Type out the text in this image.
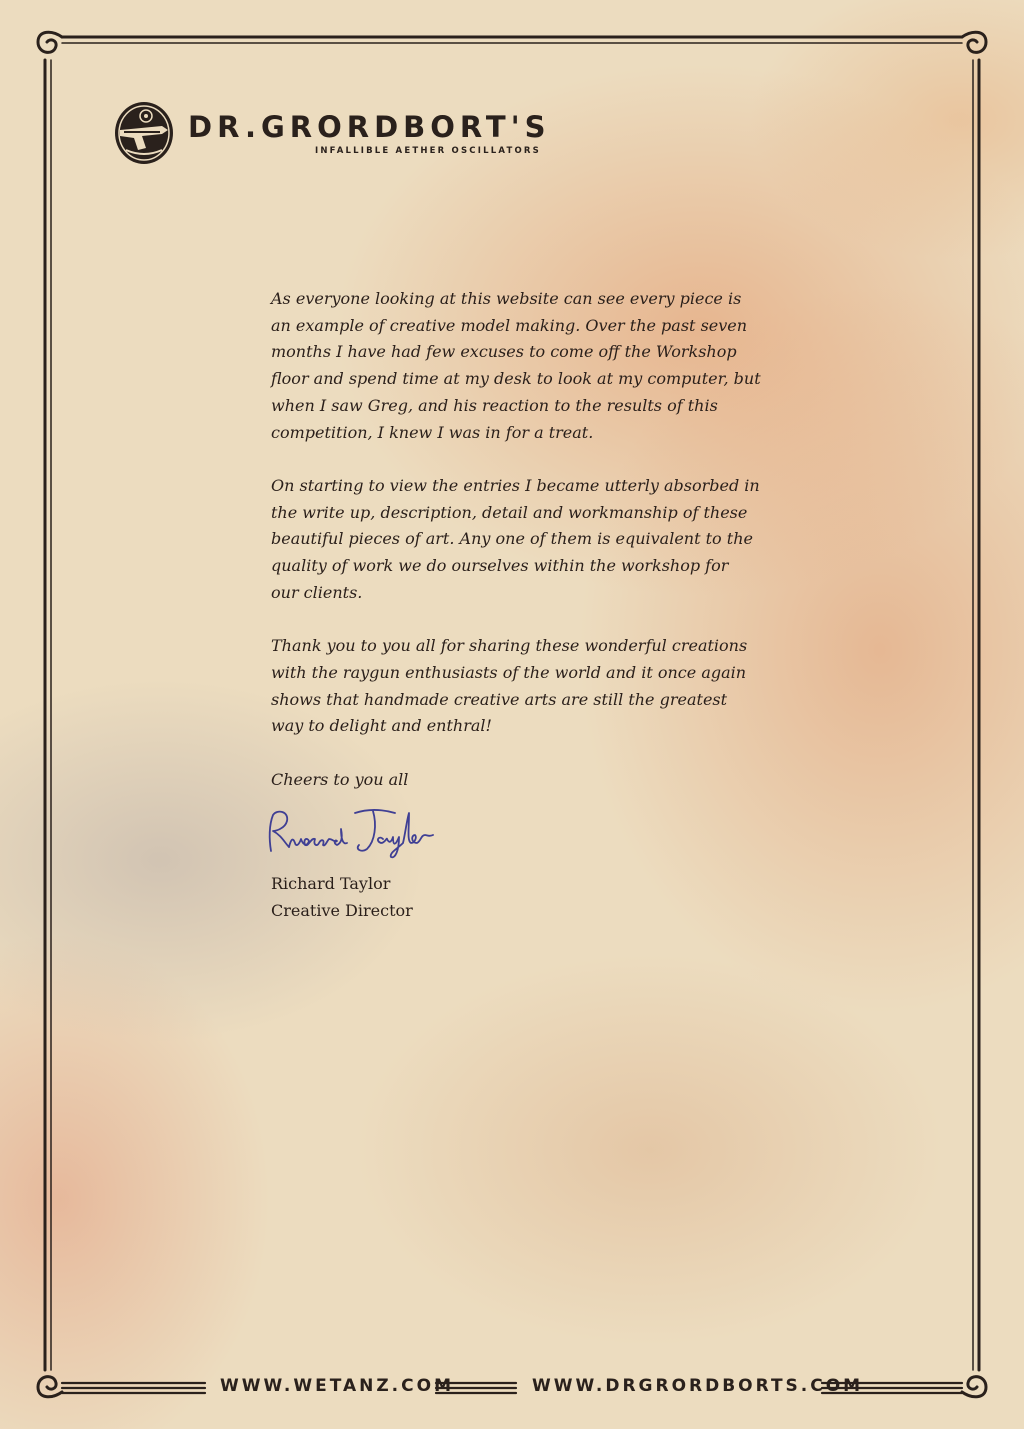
DR.GRORDBORT'S
INFALLIBLE AETHER OSCILLATORS

As everyone looking at this website can see every piece is an example of creative model making. Over the past seven months I have had few excuses to come off the Workshop floor and spend time at my desk to look at my computer, but when I saw Greg, and his reaction to the results of this competition, I knew I was in for a treat.

On starting to view the entries I became utterly absorbed in the write up, description, detail and workmanship of these beautiful pieces of art. Any one of them is equivalent to the quality of work we do ourselves within the workshop for our clients.

Thank you to you all for sharing these wonderful creations with the raygun enthusiasts of the world and it once again shows that handmade creative arts are still the greatest way to delight and enthral!

Cheers to you all

Richard Taylor

Creative Director

WWW.WETANZ.COM	WWW.DRGRORDBORTS.COM
